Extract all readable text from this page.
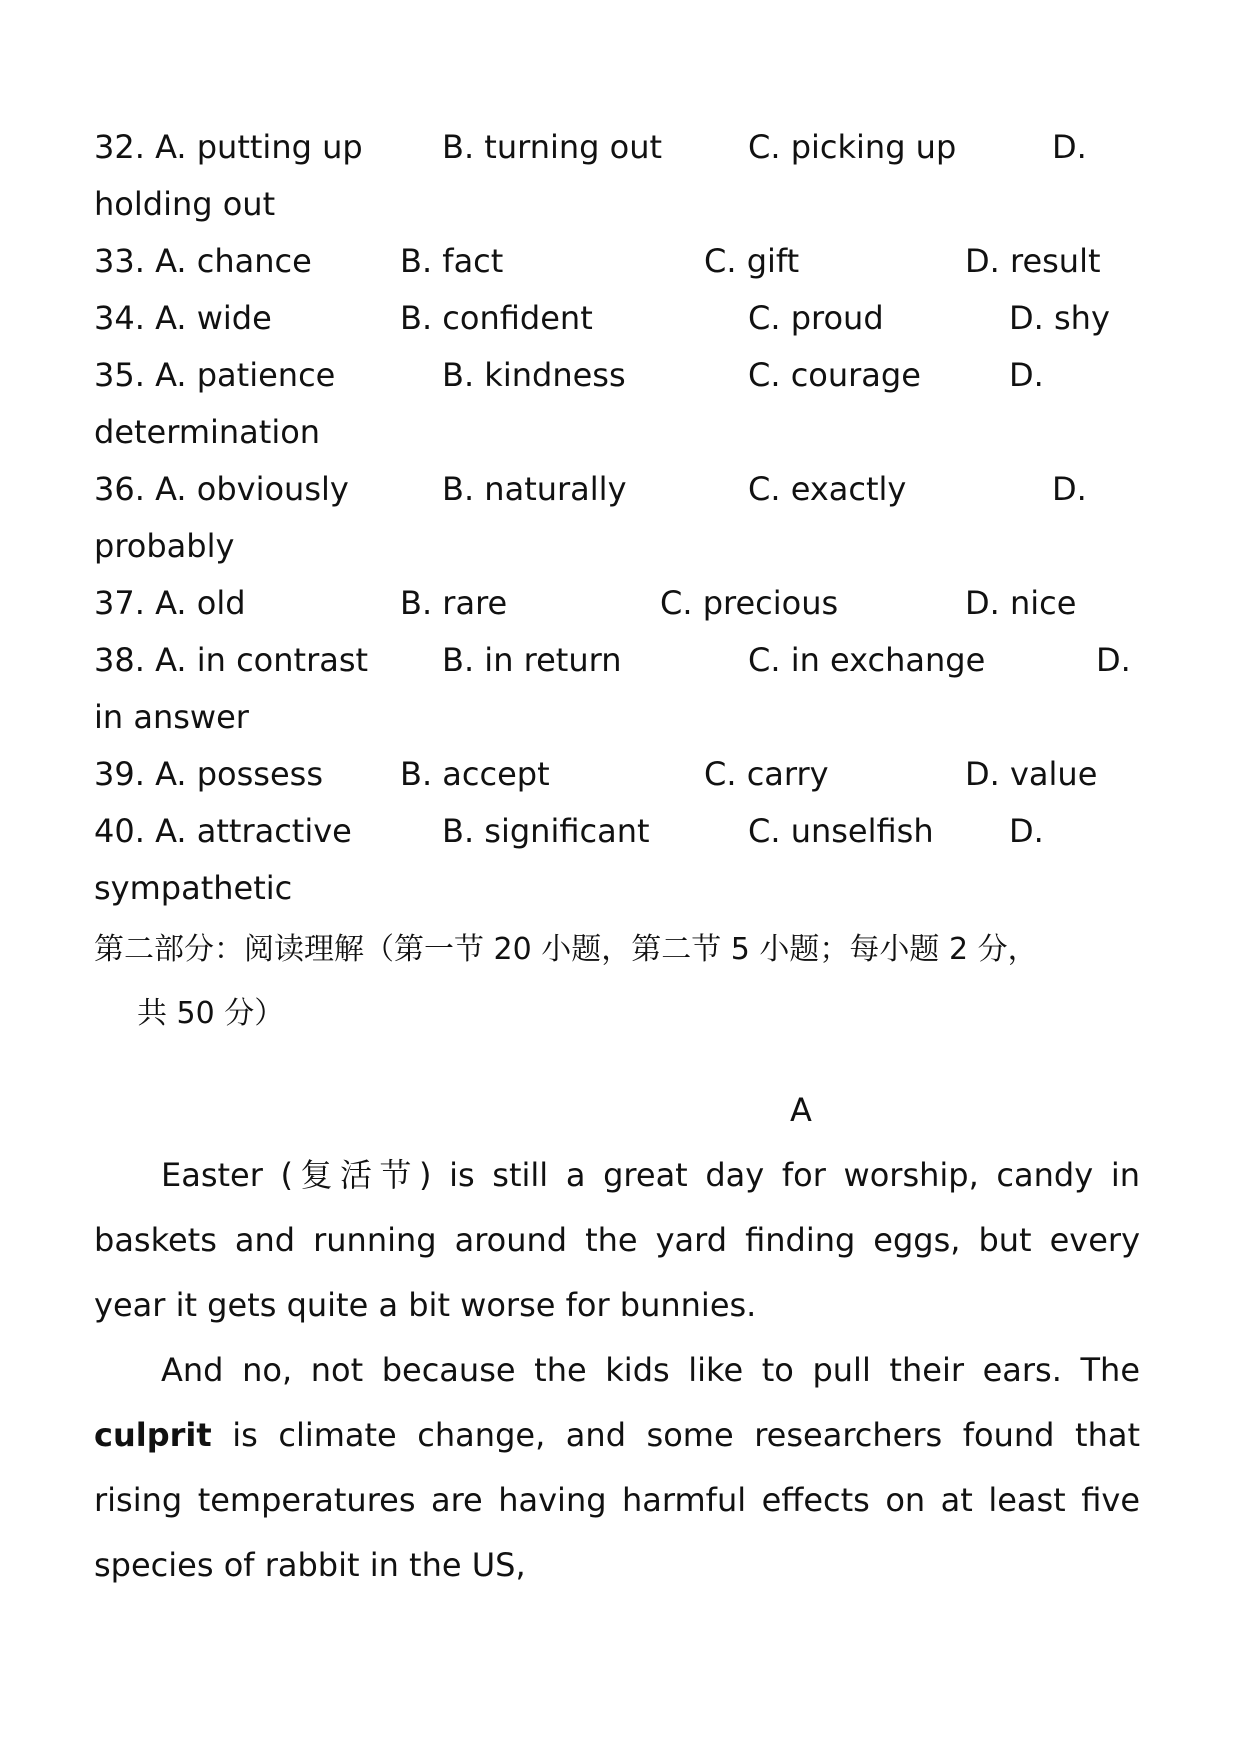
32. A. putting up B. turning out	C. picking up	D.
holding out
33. A. chance	B. fact	C. gift	D. result
34. A. wide	B. confident	C. proud	D. shy
35. A. patience	B. kindness	C. courage	D.
determination
36. A. obviously	B. naturally	C. exactly	D.
probably
37. A. old	B. rare	C. precious	D. nice
38. A. in contrast B. in return	C. in exchange	D.
in answer
39. A. possess B. accept	C. carry	D. value
40. A. attractive	B. significant	C. unselfish D.
sympathetic
第二部分：阅读理解（第一节 20 小题，第二节 5 小题；每小题 2 分，
共 50 分）
A
Easter (复活节) is still a great day for worship, candy in baskets and running around the yard finding eggs, but every year it gets quite a bit worse for bunnies.
And no, not because the kids like to pull their ears. The culprit is climate change, and some researchers found that rising temperatures are having harmful effects on at least five species of rabbit in the US,
